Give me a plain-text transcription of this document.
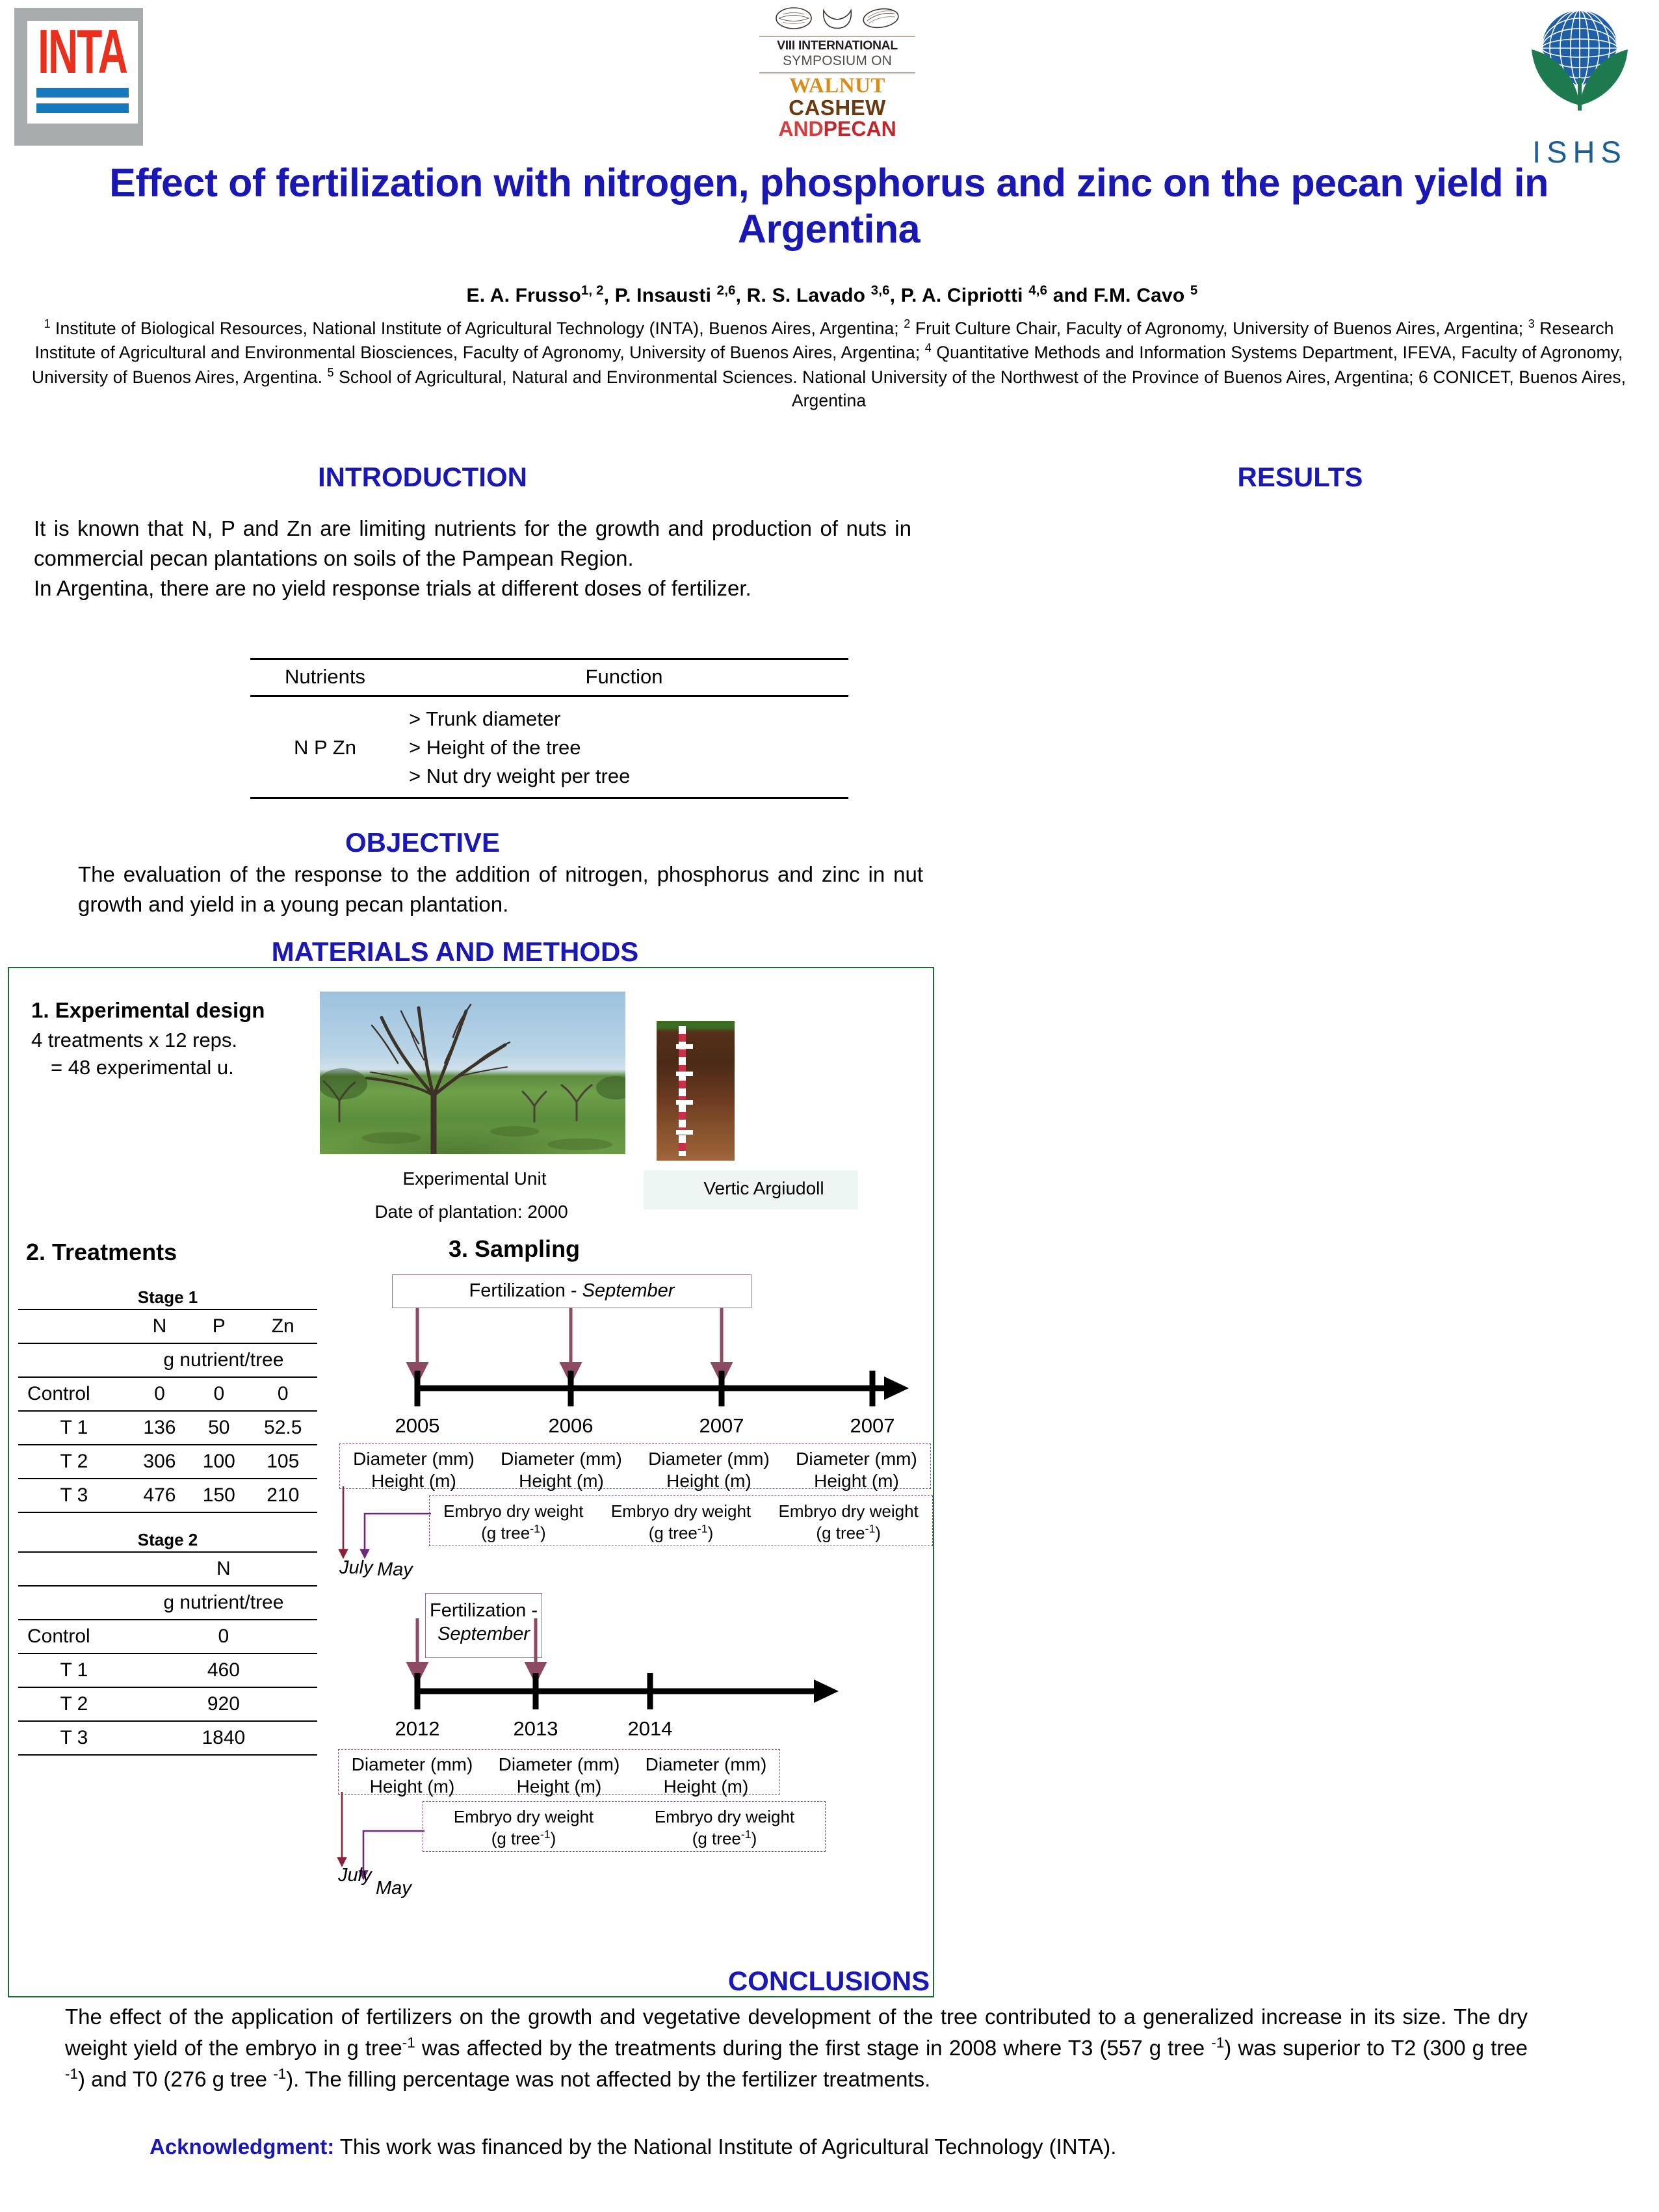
INTA	VIII INTERNATIONAL
SYMPOSIUM ON
WALNUT
CASHEW
ANDPECAN
ISHS
Effect of fertilization with nitrogen, phosphorus and zinc on the pecan yield in Argentina
E. A. Frusso$^{1, 2}$, P. Insausti $^{2,6}$, R. S. Lavado $^{3,6}$, P. A. Cipriotti $^{4,6}$ and F.M. Cavo $^5$
$^1$ Institute of Biological Resources, National Institute of Agricultural Technology (INTA), Buenos Aires, Argentina; $^2$ Fruit Culture Chair, Faculty of Agronomy, University of Buenos Aires, Argentina; $^3$ Research Institute of Agricultural and Environmental Biosciences, Faculty of Agronomy, University of Buenos Aires, Argentina; $^4$ Quantitative Methods and Information Systems Department, IFEVA, Faculty of Agronomy, University of Buenos Aires, Argentina. $^5$ School of Agricultural, Natural and Environmental Sciences. National University of the Northwest of the Province of Buenos Aires, Argentina; 6 CONICET, Buenos Aires, Argentina
INTRODUCTION	RESULTS
OBJECTIVE
MATERIALS AND METHODS
CONCLUSIONS
It is known that N, P and Zn are limiting nutrients for the growth and production of nuts in commercial pecan plantations on soils of the Pampean Region.
In Argentina, there are no yield response trials at different doses of fertilizer.

Nutrients	Function
N P Zn	> Trunk diameter
> Height of the tree
> Nut dry weight per tree

The evaluation of the response to the addition of nitrogen, phosphorus and zinc in nut growth and yield in a young pecan plantation.
1. Experimental design
4 treatments x 12 reps.
= 48 experimental u.
Experimental Unit
Date of plantation: 2000
Vertic Argiudoll
2. Treatments
Stage 1			
	N	P	Zn
	g nutrient/tree		
Control	0	0	0
T 1	136	50	52.5
T 2	306	100	105
T 3	476	150	210
Stage 2	
	N
	g nutrient/tree
Control	0
T 1	460
T 2	920
T 3	1840
3. Sampling
Fertilization - September
2005	2006	2007	2007
Diameter (mm)
Height (m)
Diameter (mm)
Height (m)
Diameter (mm)
Height (m)
Diameter (mm)
Height (m)
Embryo dry weight
(g tree$^{-1}$)
Embryo dry weight
(g tree$^{-1}$)
Embryo dry weight
(g tree$^{-1}$)
July May
Fertilization -
September
2012	2013	2014
Diameter (mm)
Height (m)
Diameter (mm)
Height (m)
Diameter (mm)
Height (m)
Embryo dry weight
(g tree$^{-1}$)
Embryo dry weight
(g tree$^{-1}$)
July
May
The effect of the application of fertilizers on the growth and vegetative development of the tree contributed to a generalized increase in its size. The dry weight yield of the embryo in g tree$^{-1}$ was affected by the treatments during the first stage in 2008 where T3 (557 g tree $^{-1}$) was superior to T2 (300 g tree $^{-1}$) and T0 (276 g tree $^{-1}$). The filling percentage was not affected by the fertilizer treatments.
Acknowledgment: This work was financed by the National Institute of Agricultural Technology (INTA).
